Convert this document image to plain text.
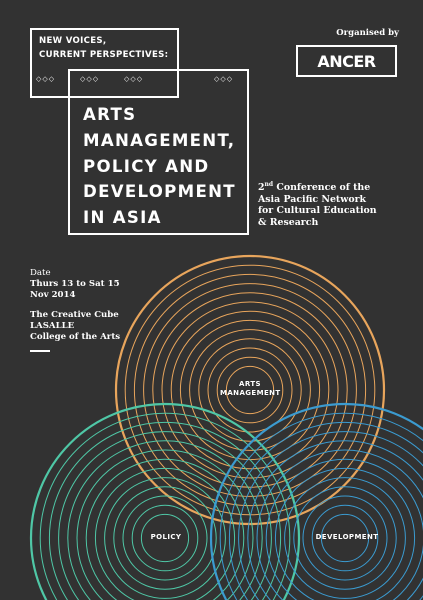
NEW VOICES,
CURRENT PERSPECTIVES:
◇◇◇	◇◇◇	◇◇◇	◇◇◇
ARTS
MANAGEMENT,
POLICY AND
DEVELOPMENT
IN ASIA
Organised by
ANCER
2nd Conference of the
Asia Pacific Network
for Cultural Education
& Research
Date
Thurs 13 to Sat 15
Nov 2014
The Creative Cube
LASALLE
College of the Arts
ARTS
MANAGEMENT
POLICY	DEVELOPMENT
